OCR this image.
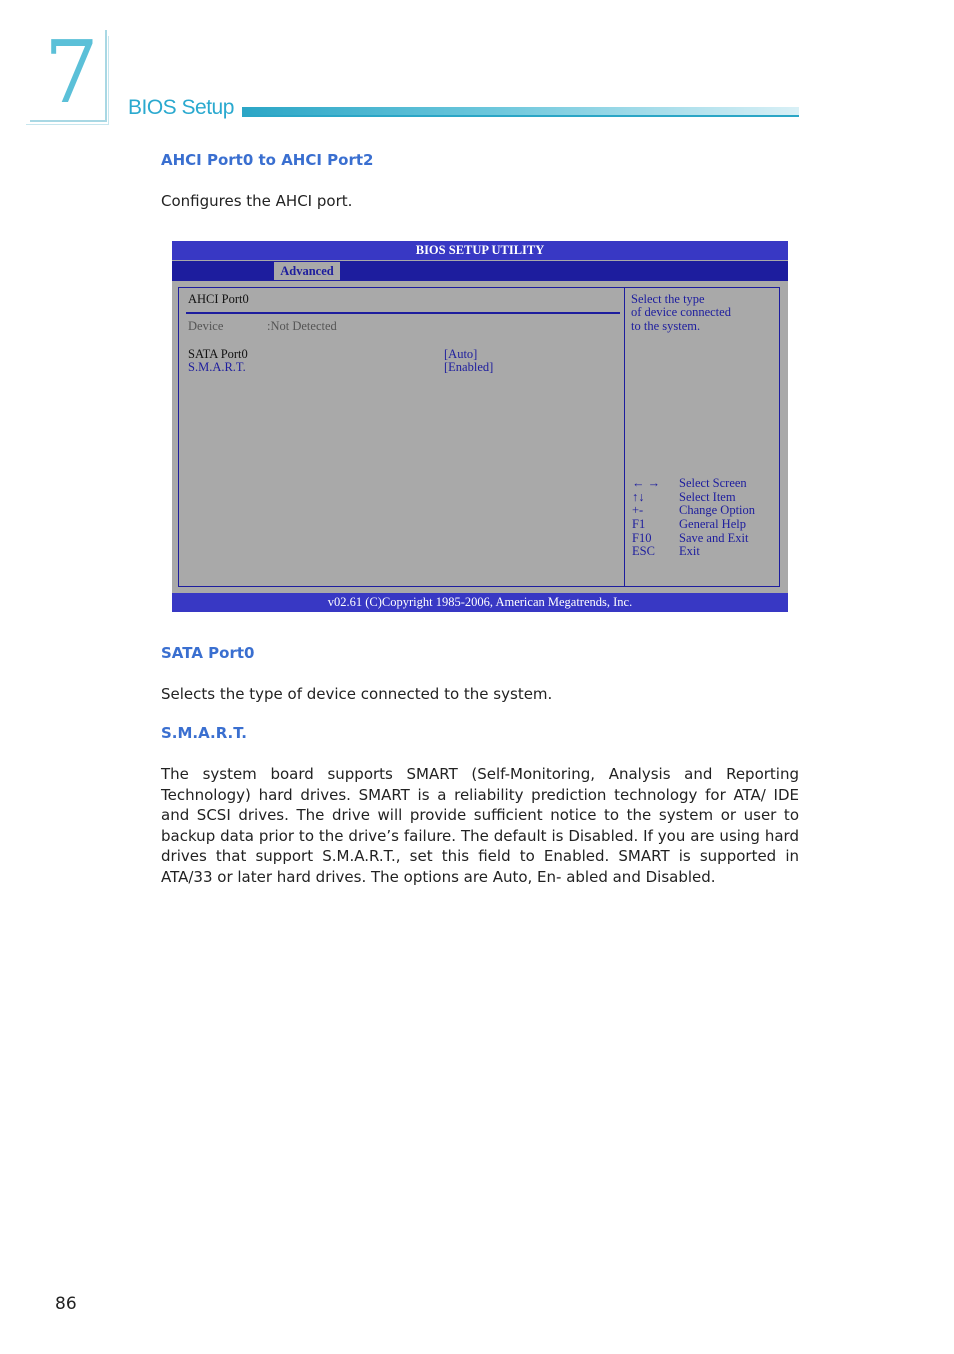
7 BIOS Setup
AHCI Port0 to AHCI Port2
Configures the AHCI port.
BIOS SETUP UTILITY
Advanced
AHCI Port0
Device	:Not Detected
SATA Port0	[Auto]
S.M.A.R.T.	[Enabled]
Select the type
of device connected
to the system.
← → Select Screen
↑↓	Select Item
+-	Change Option
F1	General Help
F10 Save and Exit
ESC Exit
v02.61 (C)Copyright 1985-2006, American Megatrends, Inc.
SATA Port0
Selects the type of device connected to the system.
S.M.A.R.T.
The system board supports SMART (Self-Monitoring, Analysis and Reporting Technology) hard drives. SMART is a reliability prediction technology for ATA/ IDE and SCSI drives. The drive will provide sufficient notice to the system or user to backup data prior to the drive’s failure. The default is Disabled. If you are using hard drives that support S.M.A.R.T., set this field to Enabled. SMART is supported in ATA/33 or later hard drives. The options are Auto, En- abled and Disabled.
86
